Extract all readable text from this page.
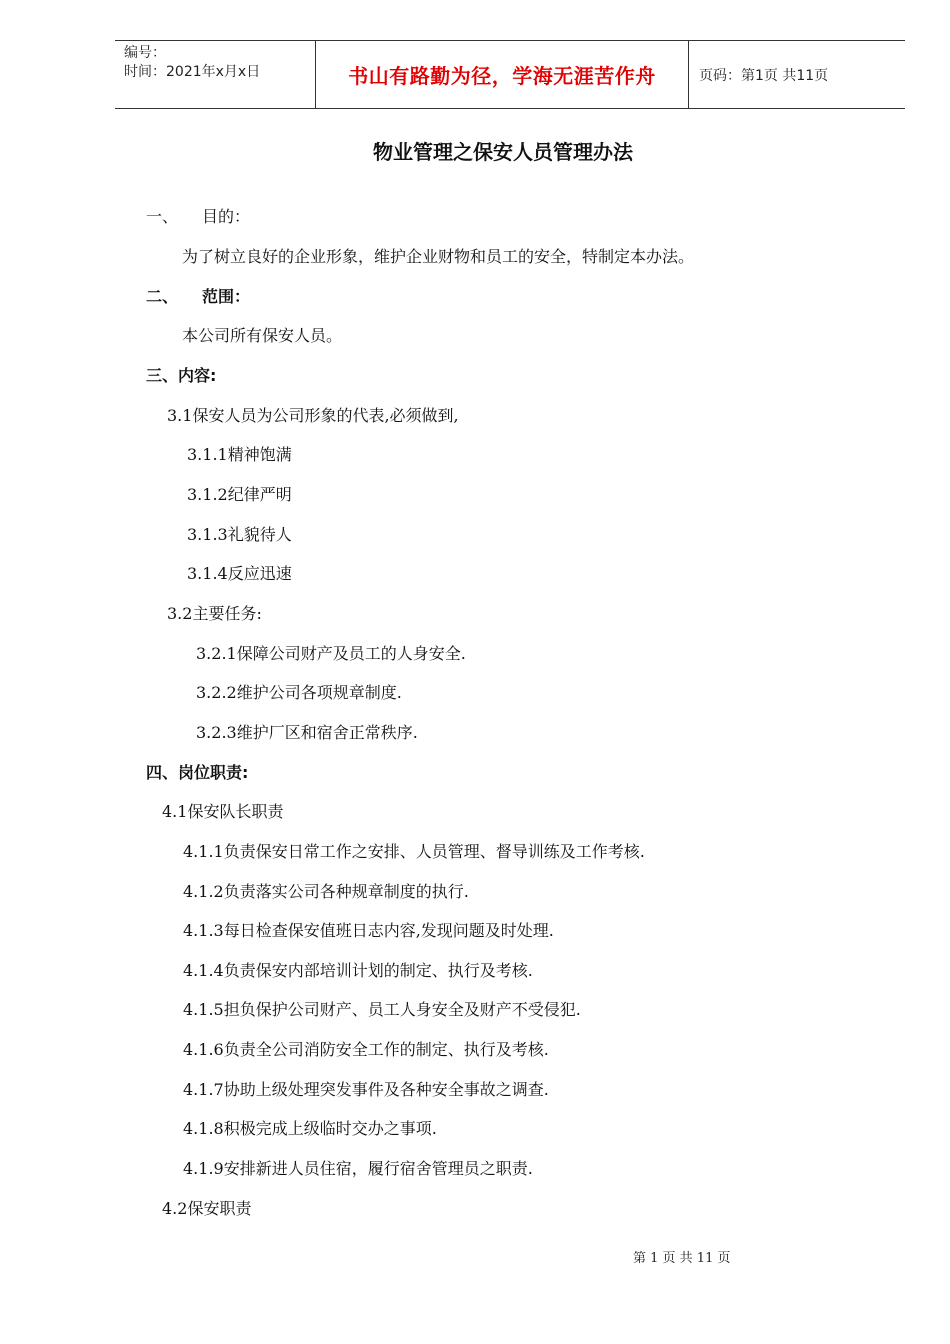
编号：
时间：2021年x月x日	书山有路勤为径，学海无涯苦作舟	页码：第1页 共11页
物业管理之保安人员管理办法
一、 目的：
为了树立良好的企业形象，维护企业财物和员工的安全，特制定本办法。
二、 范围：
本公司所有保安人员。
三、内容:
3.1保安人员为公司形象的代表,必须做到,
3.1.1精神饱满
3.1.2纪律严明
3.1.3礼貌待人
3.1.4反应迅速
3.2主要任务:
3.2.1保障公司财产及员工的人身安全.
3.2.2维护公司各项规章制度.
3.2.3维护厂区和宿舍正常秩序.
四、岗位职责:
4.1保安队长职责
4.1.1负责保安日常工作之安排、人员管理、督导训练及工作考核.
4.1.2负责落实公司各种规章制度的执行.
4.1.3每日检查保安值班日志内容,发现问题及时处理.
4.1.4负责保安内部培训计划的制定、执行及考核.
4.1.5担负保护公司财产、员工人身安全及财产不受侵犯.
4.1.6负责全公司消防安全工作的制定、执行及考核.
4.1.7协助上级处理突发事件及各种安全事故之调查.
4.1.8积极完成上级临时交办之事项.
4.1.9安排新进人员住宿，履行宿舍管理员之职责.
4.2保安职责
第 1 页 共 11 页
